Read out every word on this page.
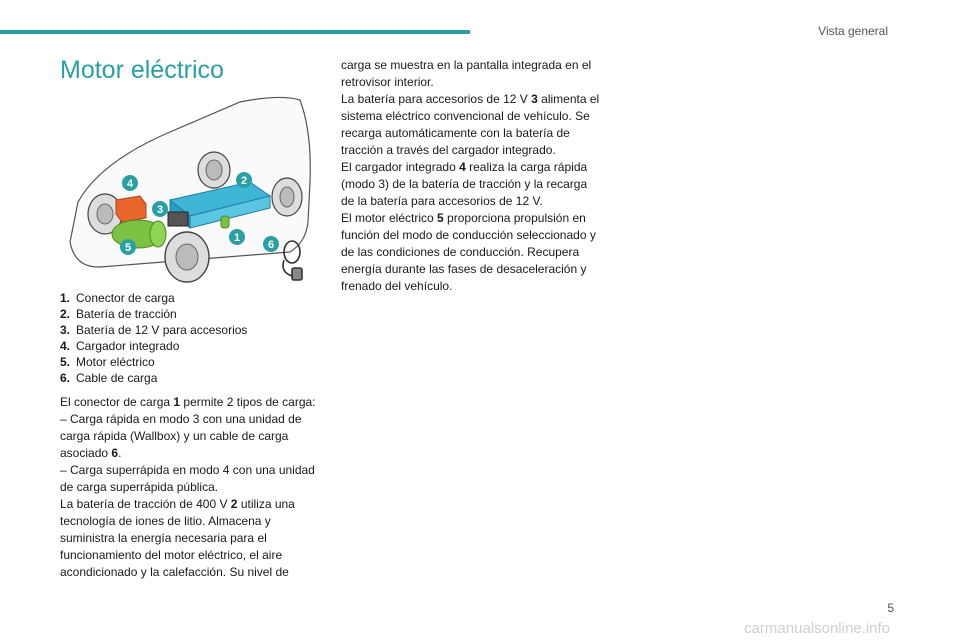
Vista general
Motor eléctrico
1
2
3
4
5	6
1. Conector de carga
2. Batería de tracción
3. Batería de 12 V para accesorios
4. Cargador integrado
5. Motor eléctrico
6. Cable de carga

El conector de carga 1 permite 2 tipos de carga:

– Carga rápida en modo 3 con una unidad de carga rápida (Wallbox) y un cable de carga asociado 6.

– Carga superrápida en modo 4 con una unidad de carga superrápida pública.

La batería de tracción de 400 V 2 utiliza una tecnología de iones de litio. Almacena y suministra la energía necesaria para el funcionamiento del motor eléctrico, el aire acondicionado y la calefacción. Su nivel de

carga se muestra en la pantalla integrada en el retrovisor interior.

La batería para accesorios de 12 V 3 alimenta el sistema eléctrico convencional de vehículo. Se recarga automáticamente con la batería de tracción a través del cargador integrado.

El cargador integrado 4 realiza la carga rápida (modo 3) de la batería de tracción y la recarga de la batería para accesorios de 12 V.

El motor eléctrico 5 proporciona propulsión en función del modo de conducción seleccionado y de las condiciones de conducción. Recupera energía durante las fases de desaceleración y frenado del vehículo.

5
carmanualsonline.info
